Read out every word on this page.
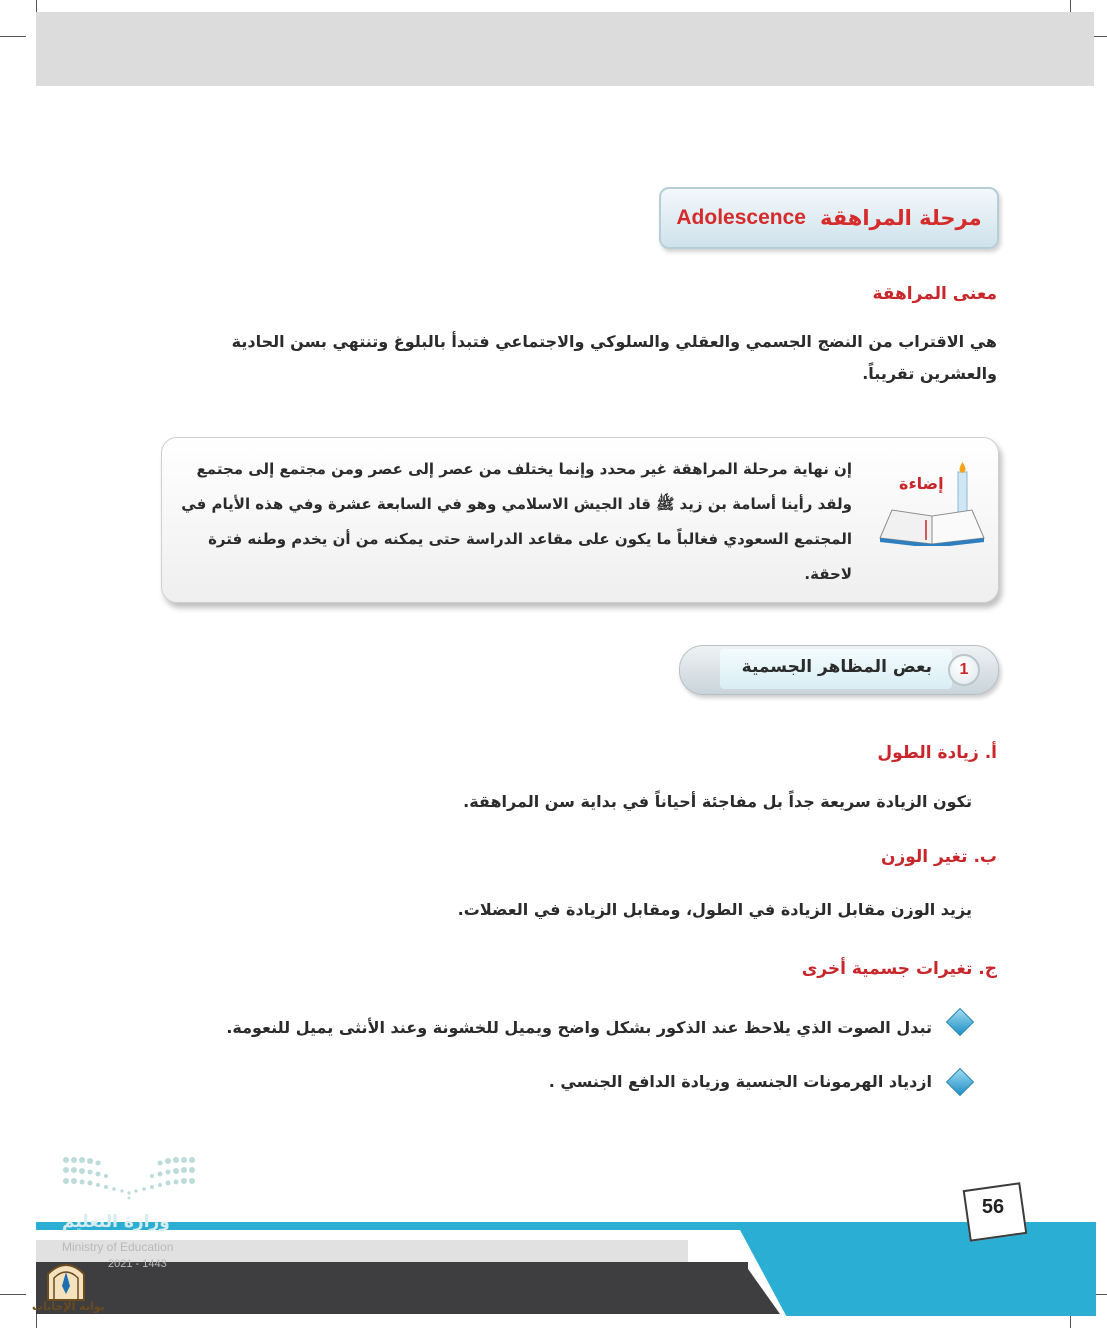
مرحلة المراهقة
Adolescence
معنى المراهقة
هي الاقتراب من النضج الجسمي والعقلي والسلوكي والاجتماعي فتبدأ بالبلوغ وتنتهي بسن الحادية والعشرين تقريباً.
إضاءة
إن نهاية مرحلة المراهقة غير محدد وإنما يختلف من عصر إلى عصر ومن مجتمع إلى مجتمع ولقد رأينا أسامة بن زيد ﷺ قاد الجيش الاسلامي وهو في السابعة عشرة وفي هذه الأيام في المجتمع السعودي فغالباً ما يكون على مقاعد الدراسة حتى يمكنه من أن يخدم وطنه فترة لاحقة.
1
بعض المظاهر الجسمية
أ. زيادة الطول
تكون الزيادة سريعة جداً بل مفاجئة أحياناً في بداية سن المراهقة.
ب. تغير الوزن
يزيد الوزن مقابل الزيادة في الطول، ومقابل الزيادة في العضلات.
ج. تغيرات جسمية أخرى
تبدل الصوت الذي يلاحظ عند الذكور بشكل واضح ويميل للخشونة وعند الأنثى يميل للنعومة.
ازدياد الهرمونات الجنسية وزيادة الدافع الجنسي .
56
وزارة التعليم
Ministry of Education
2021 - 1443
بوابة الإجابات
